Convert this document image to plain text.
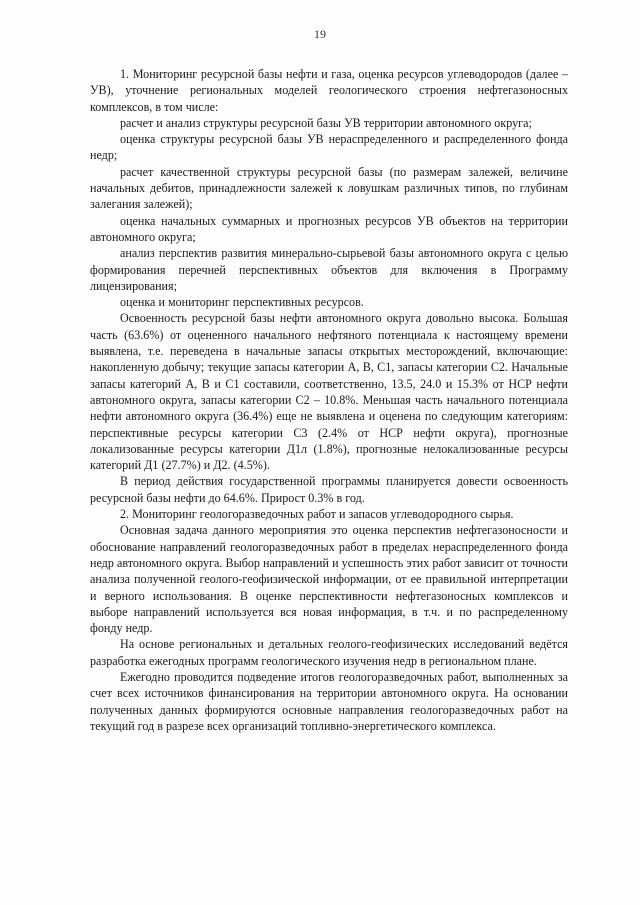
19

1. Мониторинг ресурсной базы нефти и газа, оценка ресурсов углеводородов (далее – УВ), уточнение региональных моделей геологического строения нефтегазоносных комплексов, в том числе:

расчет и анализ структуры ресурсной базы УВ территории автономного округа;

оценка структуры ресурсной базы УВ нераспределенного и распределенного фонда недр;

расчет качественной структуры ресурсной базы (по размерам залежей, величине начальных дебитов, принадлежности залежей к ловушкам различных типов, по глубинам залегания залежей);

оценка начальных суммарных и прогнозных ресурсов УВ объектов на территории автономного округа;

анализ перспектив развития минерально-сырьевой базы автономного округа с целью формирования перечней перспективных объектов для включения в Программу лицензирования;

оценка и мониторинг перспективных ресурсов.

Освоенность ресурсной базы нефти автономного округа довольно высока. Большая часть (63.6%) от оцененного начального нефтяного потенциала к настоящему времени выявлена, т.е. переведена в начальные запасы открытых месторождений, включающие: накопленную добычу; текущие запасы категории А, В, С1, запасы категории С2. Начальные запасы категорий А, В и С1 составили, соответственно, 13.5, 24.0 и 15.3% от НСР нефти автономного округа, запасы категории С2 – 10.8%. Меньшая часть начального потенциала нефти автономного округа (36.4%) еще не выявлена и оценена по следующим категориям: перспективные ресурсы категории С3 (2.4% от НСР нефти округа), прогнозные локализованные ресурсы категории Д1л (1.8%), прогнозные нелокализованные ресурсы категорий Д1 (27.7%) и Д2. (4.5%).

В период действия государственной программы планируется довести освоенность ресурсной базы нефти до 64.6%. Прирост 0.3% в год.

2. Мониторинг геологоразведочных работ и запасов углеводородного сырья.

Основная задача данного мероприятия это оценка перспектив нефтегазоносности и обоснование направлений геологоразведочных работ в пределах нераспределенного фонда недр автономного округа. Выбор направлений и успешность этих работ зависит от точности анализа полученной геолого-геофизической информации, от ее правильной интерпретации и верного использования. В оценке перспективности нефтегазоносных комплексов и выборе направлений используется вся новая информация, в т.ч. и по распределенному фонду недр.

На основе региональных и детальных геолого-геофизических исследований ведётся разработка ежегодных программ геологического изучения недр в региональном плане.

Ежегодно проводится подведение итогов геологоразведочных работ, выполненных за счет всех источников финансирования на территории автономного округа. На основании полученных данных формируются основные направления геологоразведочных работ на текущий год в разрезе всех организаций топливно-энергетического комплекса.
